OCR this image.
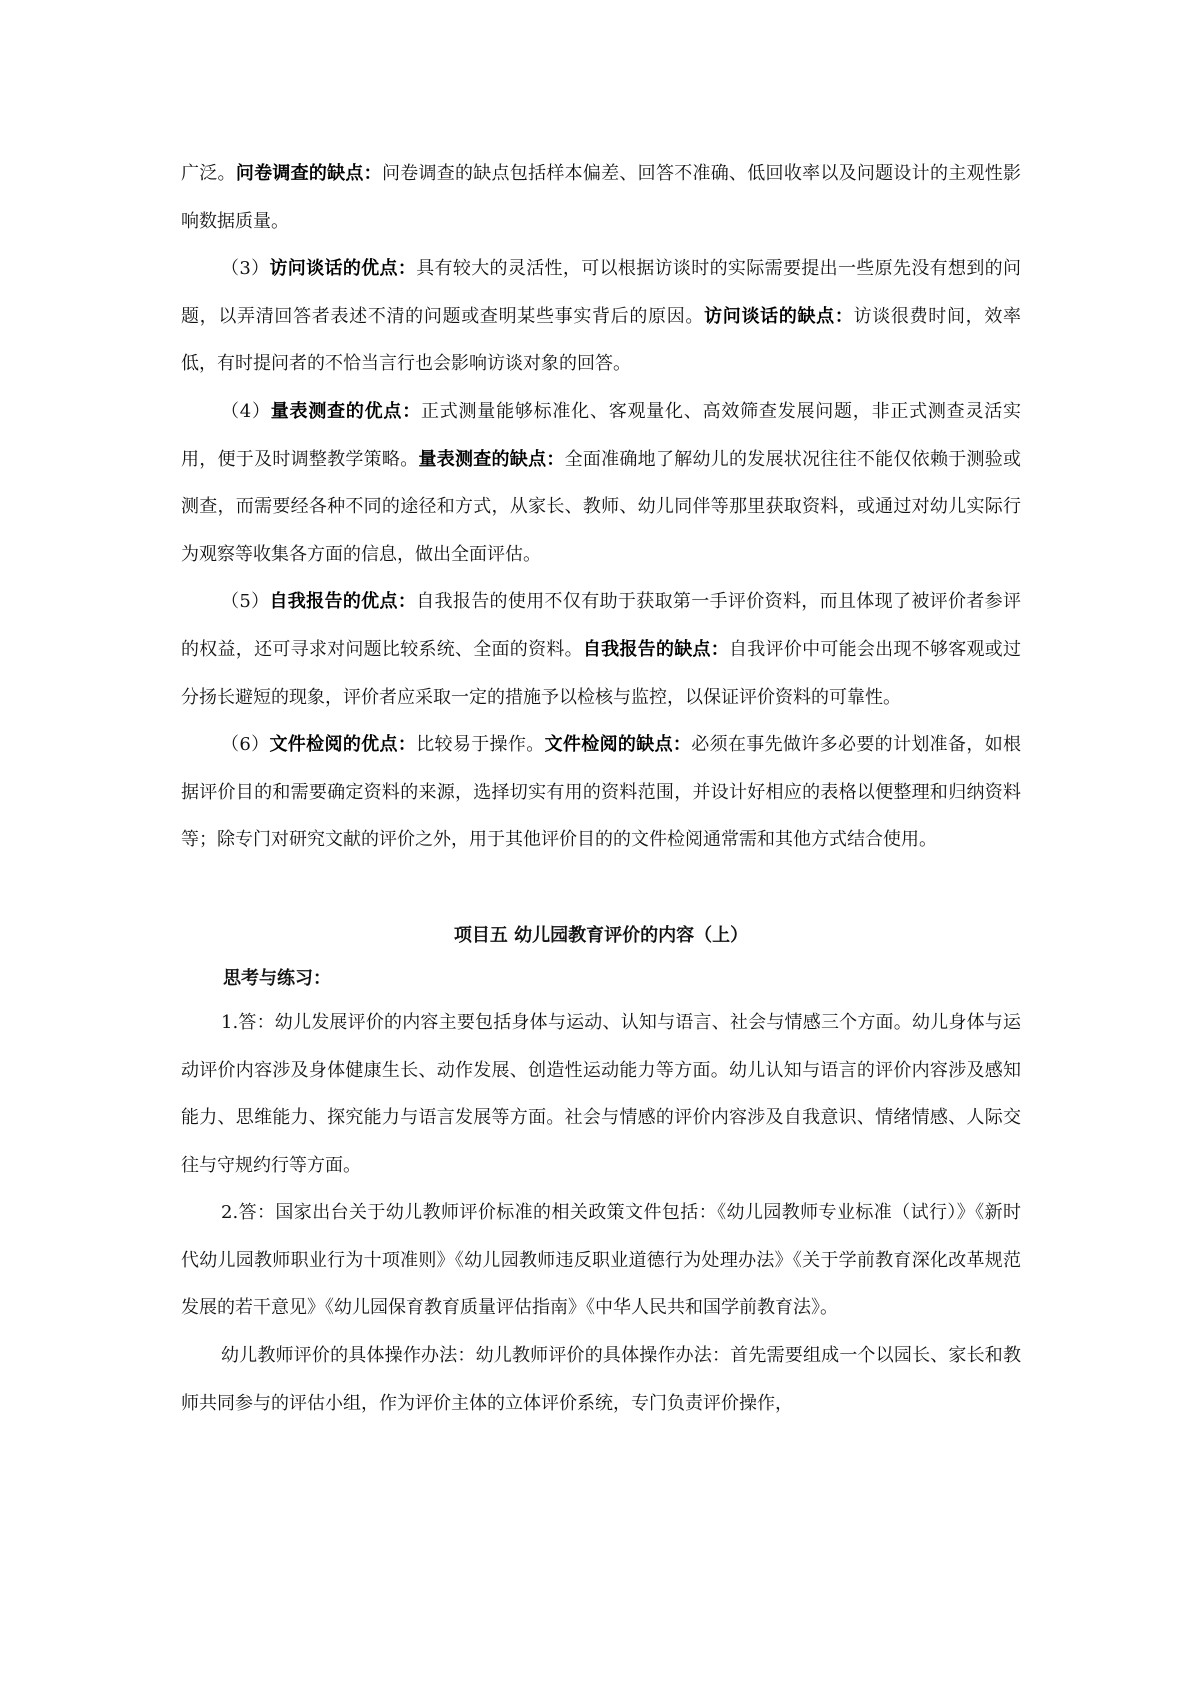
广泛。问卷调查的缺点：问卷调查的缺点包括样本偏差、回答不准确、低回收率以及问题设计的主观性影响数据质量。

（3）访问谈话的优点：具有较大的灵活性，可以根据访谈时的实际需要提出一些原先没有想到的问题，以弄清回答者表述不清的问题或查明某些事实背后的原因。访问谈话的缺点：访谈很费时间，效率低，有时提问者的不恰当言行也会影响访谈对象的回答。

（4）量表测查的优点：正式测量能够标准化、客观量化、高效筛查发展问题，非正式测查灵活实用，便于及时调整教学策略。量表测查的缺点：全面准确地了解幼儿的发展状况往往不能仅依赖于测验或测查，而需要经各种不同的途径和方式，从家长、教师、幼儿同伴等那里获取资料，或通过对幼儿实际行为观察等收集各方面的信息，做出全面评估。

（5）自我报告的优点：自我报告的使用不仅有助于获取第一手评价资料，而且体现了被评价者参评的权益，还可寻求对问题比较系统、全面的资料。自我报告的缺点：自我评价中可能会出现不够客观或过分扬长避短的现象，评价者应采取一定的措施予以检核与监控，以保证评价资料的可靠性。

（6）文件检阅的优点：比较易于操作。文件检阅的缺点：必须在事先做许多必要的计划准备，如根据评价目的和需要确定资料的来源，选择切实有用的资料范围，并设计好相应的表格以便整理和归纳资料等；除专门对研究文献的评价之外，用于其他评价目的的文件检阅通常需和其他方式结合使用。

项目五 幼儿园教育评价的内容（上）

思考与练习：

1.答：幼儿发展评价的内容主要包括身体与运动、认知与语言、社会与情感三个方面。幼儿身体与运动评价内容涉及身体健康生长、动作发展、创造性运动能力等方面。幼儿认知与语言的评价内容涉及感知能力、思维能力、探究能力与语言发展等方面。社会与情感的评价内容涉及自我意识、情绪情感、人际交往与守规约行等方面。

2.答：国家出台关于幼儿教师评价标准的相关政策文件包括：《幼儿园教师专业标准（试行）》《新时代幼儿园教师职业行为十项准则》《幼儿园教师违反职业道德行为处理办法》《关于学前教育深化改革规范发展的若干意见》《幼儿园保育教育质量评估指南》《中华人民共和国学前教育法》。

幼儿教师评价的具体操作办法：幼儿教师评价的具体操作办法：首先需要组成一个以园长、家长和教师共同参与的评估小组，作为评价主体的立体评价系统，专门负责评价操作，
